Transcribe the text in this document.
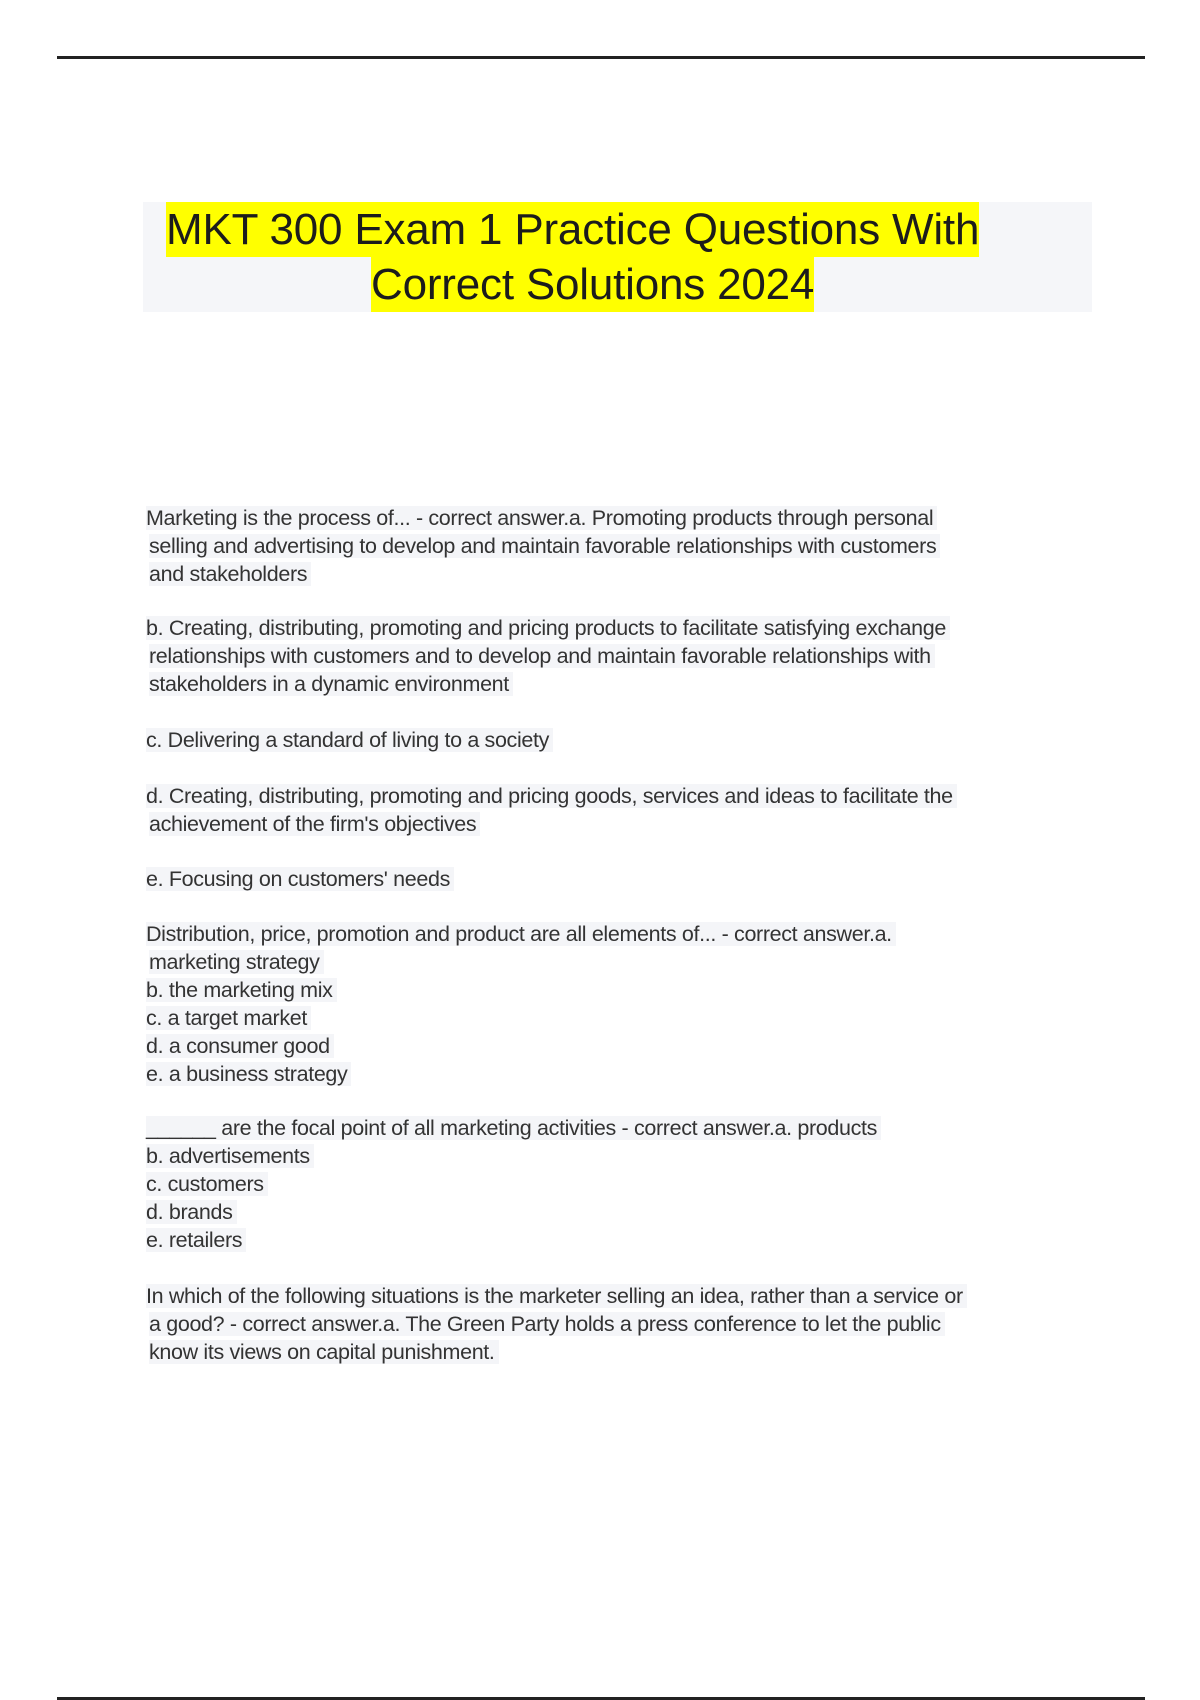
MKT 300 Exam 1 Practice Questions With
Correct Solutions 2024
Marketing is the process of... - correct answer.a. Promoting products through personal
selling and advertising to develop and maintain favorable relationships with customers
and stakeholders
b. Creating, distributing, promoting and pricing products to facilitate satisfying exchange
relationships with customers and to develop and maintain favorable relationships with
stakeholders in a dynamic environment
c. Delivering a standard of living to a society
d. Creating, distributing, promoting and pricing goods, services and ideas to facilitate the
achievement of the firm's objectives
e. Focusing on customers' needs
Distribution, price, promotion and product are all elements of... - correct answer.a.
marketing strategy
b. the marketing mix
c. a target market
d. a consumer good
e. a business strategy
______ are the focal point of all marketing activities - correct answer.a. products
b. advertisements
c. customers
d. brands
e. retailers
In which of the following situations is the marketer selling an idea, rather than a service or
a good? - correct answer.a. The Green Party holds a press conference to let the public
know its views on capital punishment.
